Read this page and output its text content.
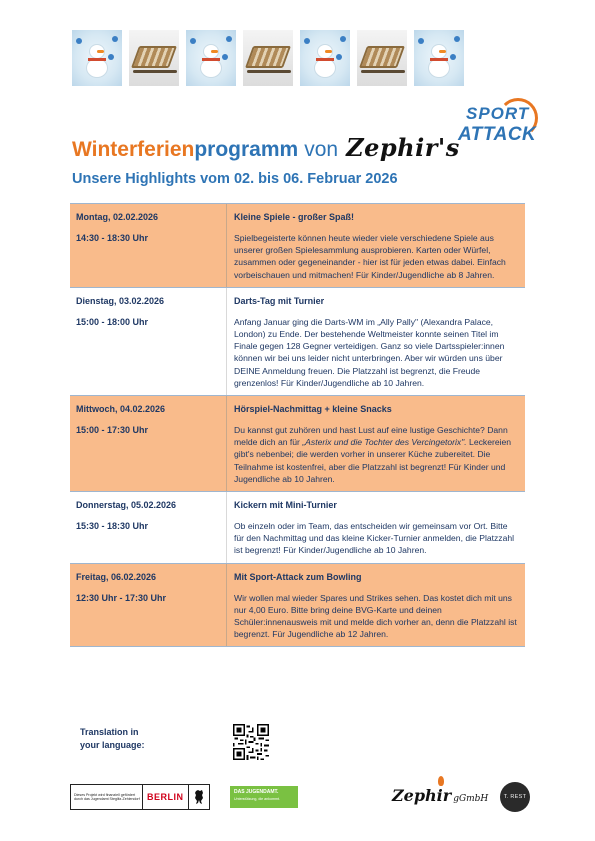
Winterferien programm von Zephir's
SPORT
ATTACK
Unsere Highlights vom 02. bis 06. Februar 2026
Montag, 02.02.2026
14:30 - 18:30 Uhr
Kleine Spiele - großer Spaß!
Spielbegeisterte können heute wieder viele verschiedene Spiele aus unserer großen Spielesammlung ausprobieren. Karten oder Würfel, zusammen oder gegeneinander - hier ist für jeden etwas dabei. Einfach vorbeischauen und mitmachen! Für Kinder/Jugendliche ab 8 Jahren.
Dienstag, 03.02.2026
15:00 - 18:00 Uhr
Darts-Tag mit Turnier
Anfang Januar ging die Darts-WM im „Ally Pally" (Alexandra Palace, London) zu Ende. Der bestehende Weltmeister konnte seinen Titel im Finale gegen 128 Gegner verteidigen. Ganz so viele Dartsspieler:innen können wir bei uns leider nicht unterbringen. Aber wir würden uns über DEINE Anmeldung freuen. Die Platzzahl ist begrenzt, die Freude grenzenlos! Für Kinder/Jugendliche ab 10 Jahren.
Mittwoch, 04.02.2026
15:00 - 17:30 Uhr
Hörspiel-Nachmittag + kleine Snacks
Du kannst gut zuhören und hast Lust auf eine lustige Geschichte? Dann melde dich an für „Asterix und die Tochter des Vercingetorix". Leckereien gibt's nebenbei; die werden vorher in unserer Küche zubereitet. Die Teilnahme ist kostenfrei, aber die Platzzahl ist begrenzt! Für Kinder und Jugendliche ab 10 Jahren.
Donnerstag, 05.02.2026
15:30 - 18:30 Uhr
Kickern mit Mini-Turnier
Ob einzeln oder im Team, das entscheiden wir gemeinsam vor Ort. Bitte für den Nachmittag und das kleine Kicker-Turnier anmelden, die Platzzahl ist begrenzt! Für Kinder/Jugendliche ab 10 Jahren.
Freitag, 06.02.2026
12:30 Uhr - 17:30 Uhr
Mit Sport-Attack zum Bowling
Wir wollen mal wieder Spares und Strikes sehen. Das kostet dich mit uns nur 4,00 Euro. Bitte bring deine BVG-Karte und deinen Schüler:innenausweis mit und melde dich vorher an, denn die Platzzahl ist begrenzt. Für Jugendliche ab 12 Jahren.
Translation in
your language:
Dieses Projekt wird finanziell gefördert durch das Jugendamt Steglitz-Zehlendorf BERLIN	DAS JUGENDAMT.
Unterstützung, die ankommt.	Zephir gGmbH	T. REST
